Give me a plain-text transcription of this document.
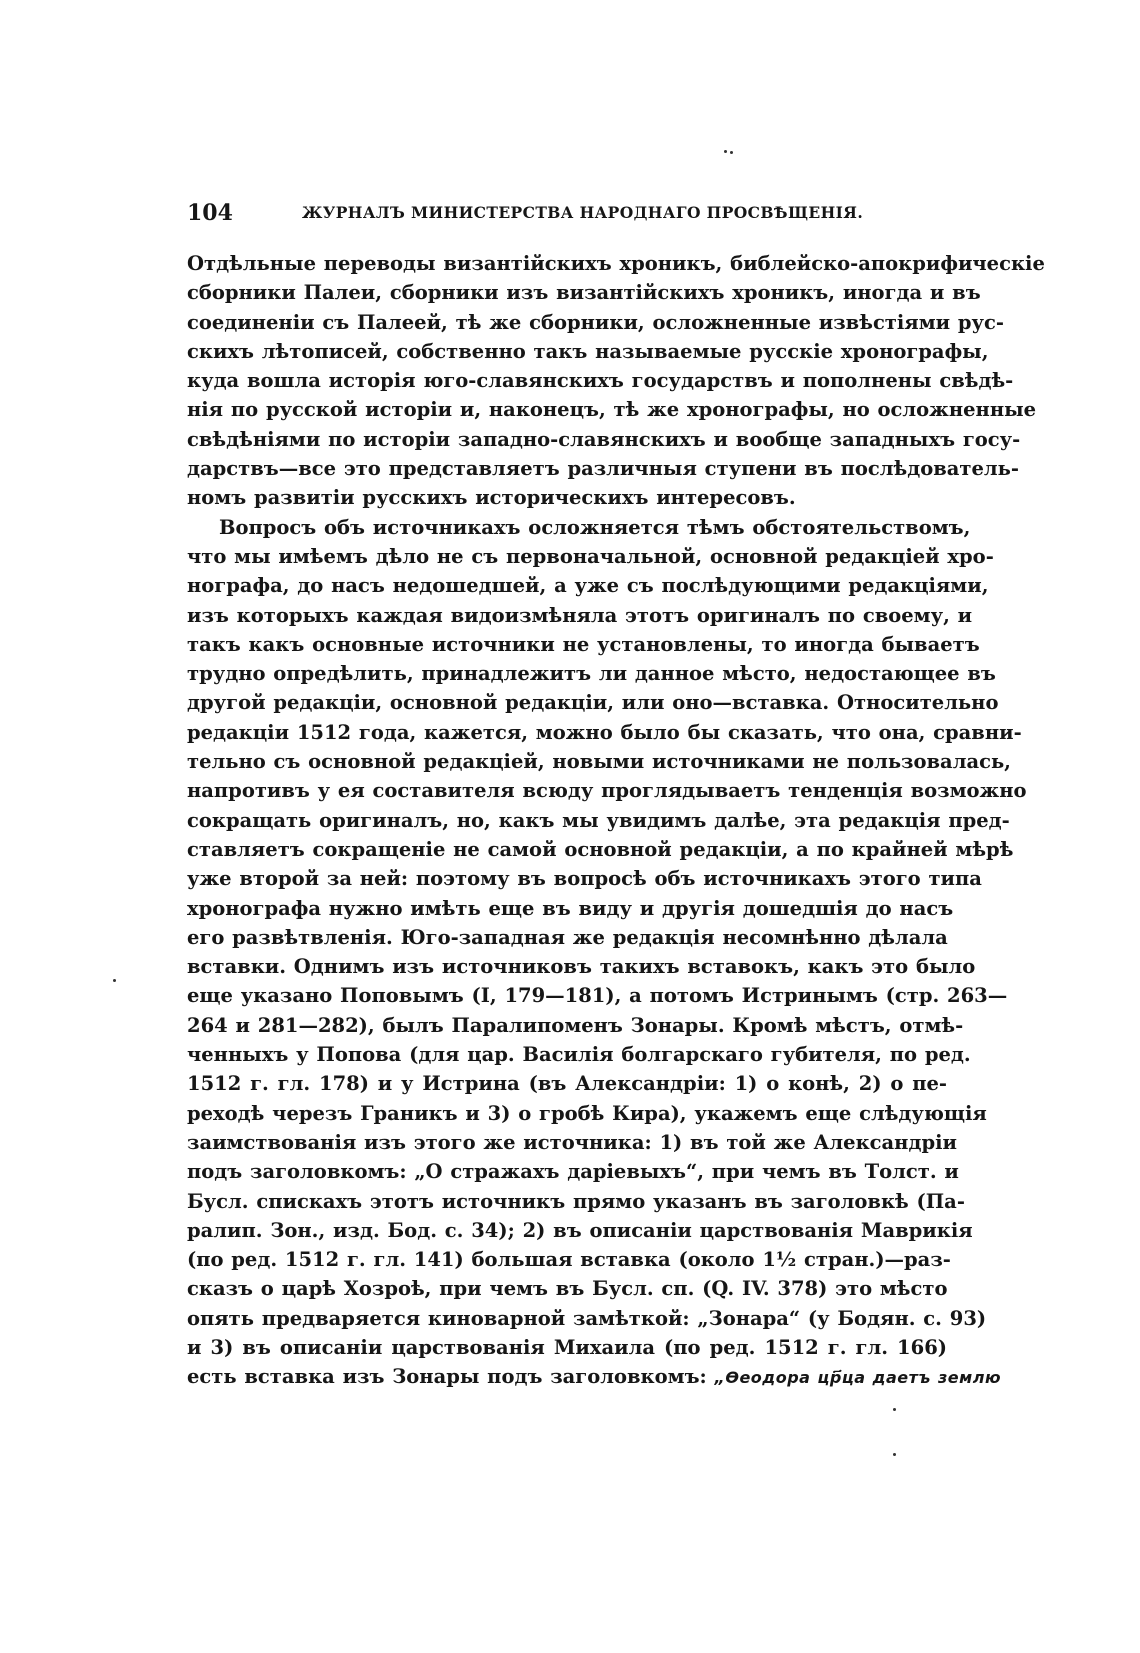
104	ЖУРНАЛЪ МИНИСТЕРСТВА НАРОДНАГО ПРОСВѢЩЕНІЯ.
Отдѣльные переводы византійскихъ хроникъ, библейско-апокрифическіе
сборники Палеи, сборники изъ византійскихъ хроникъ, иногда и въ
соединеніи съ Палеей, тѣ же сборники, осложненные извѣстіями рус-
скихъ лѣтописей, собственно такъ называемые русскіе хронографы,
куда вошла исторія юго-славянскихъ государствъ и пополнены свѣдѣ-
нія по русской исторіи и, наконецъ, тѣ же хронографы, но осложненные
свѣдѣніями по исторіи западно-славянскихъ и вообще западныхъ госу-
дарствъ—все это представляетъ различныя ступени въ послѣдователь-
номъ развитіи русскихъ историческихъ интересовъ.
Вопросъ объ источникахъ осложняется тѣмъ обстоятельствомъ,
что мы имѣемъ дѣло не съ первоначальной, основной редакціей хро-
нографа, до насъ недошедшей, а уже съ послѣдующими редакціями,
изъ которыхъ каждая видоизмѣняла этотъ оригиналъ по своему, и
такъ какъ основные источники не установлены, то иногда бываетъ
трудно опредѣлить, принадлежитъ ли данное мѣсто, недостающее въ
другой редакціи, основной редакціи, или оно—вставка. Относительно
редакціи 1512 года, кажется, можно было бы сказать, что она, сравни-
тельно съ основной редакціей, новыми источниками не пользовалась,
напротивъ у ея составителя всюду проглядываетъ тенденція возможно
сокращать оригиналъ, но, какъ мы увидимъ далѣе, эта редакція пред-
ставляетъ сокращеніе не самой основной редакціи, а по крайней мѣрѣ
уже второй за ней: поэтому въ вопросѣ объ источникахъ этого типа
хронографа нужно имѣть еще въ виду и другія дошедшія до насъ
его развѣтвленія. Юго-западная же редакція несомнѣнно дѣлала
вставки. Однимъ изъ источниковъ такихъ вставокъ, какъ это было
еще указано Поповымъ (I, 179—181), а потомъ Истринымъ (стр. 263—
264 и 281—282), былъ Паралипоменъ Зонары. Кромѣ мѣстъ, отмѣ-
ченныхъ у Попова (для цар. Василія болгарскаго губителя, по ред.
1512 г. гл. 178) и у Истрина (въ Александріи: 1) о конѣ, 2) о пе-
реходѣ черезъ Граникъ и 3) о гробѣ Кира), укажемъ еще слѣдующія
заимствованія изъ этого же источника: 1) въ той же Александріи
подъ заголовкомъ: „О стражахъ даріевыхъ“, при чемъ въ Толст. и
Бусл. спискахъ этотъ источникъ прямо указанъ въ заголовкѣ (Па-
ралип. Зон., изд. Бод. с. 34); 2) въ описаніи царствованія Маврикія
(по ред. 1512 г. гл. 141) большая вставка (около 1½ стран.)—раз-
сказъ о царѣ Хозроѣ, при чемъ въ Бусл. сп. (Q. IV. 378) это мѣсто
опять предваряется киноварной замѣткой: „Зонара“ (у Бодян. с. 93)
и 3) въ описаніи царствованія Михаила (по ред. 1512 г. гл. 166)
есть вставка изъ Зонары подъ заголовкомъ: „Ѳеодора цр҃ца даетъ землю
